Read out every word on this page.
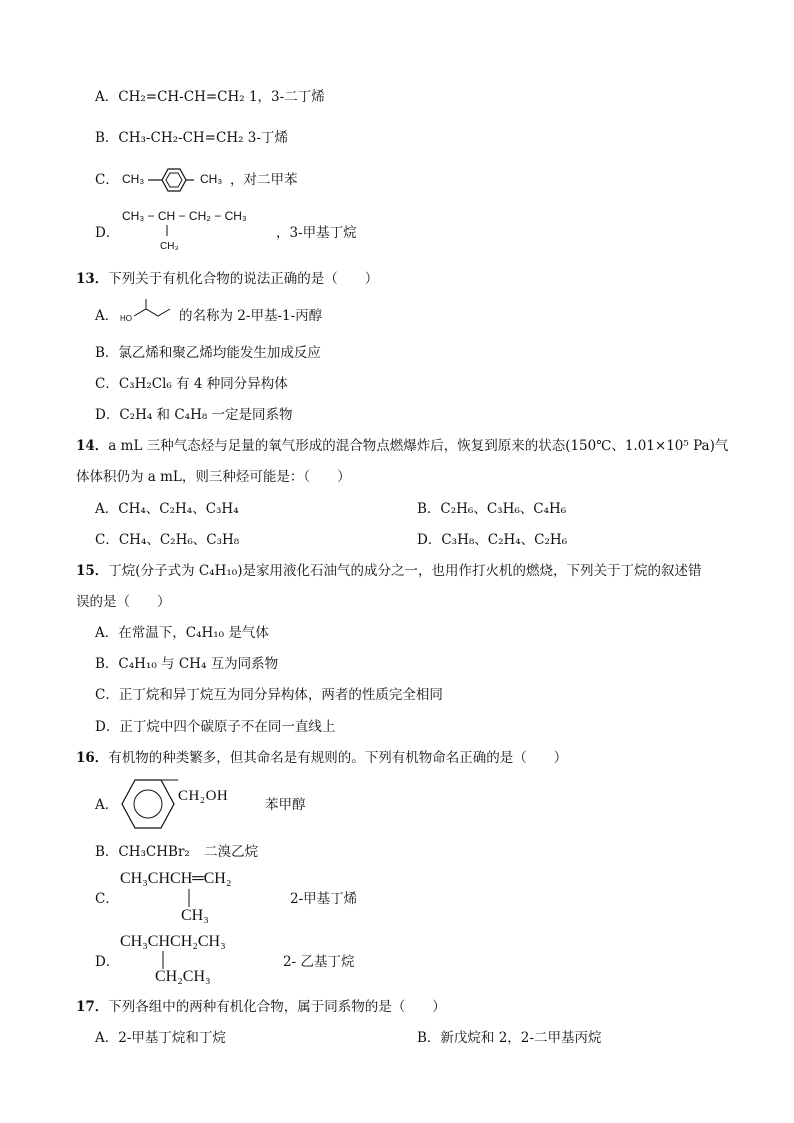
A．CH₂=CH-CH=CH₂ 1，3-二丁烯
B．CH₃-CH₂-CH=CH₂ 3-丁烯
C． CH₃	CH₃ ，对二甲苯
D．
CH₃ − CH − CH₂ − CH₃
CH₃
，3-甲基丁烷
13．下列关于有机化合物的说法正确的是（　　）
A． HO	的名称为 2-甲基-1-丙醇
B．氯乙烯和聚乙烯均能发生加成反应
C．C₃H₂Cl₆ 有 4 种同分异构体
D．C₂H₄ 和 C₄H₈ 一定是同系物
14．a mL 三种气态烃与足量的氧气形成的混合物点燃爆炸后，恢复到原来的状态(150℃、1.01×10⁵ Pa)气
体体积仍为 a mL，则三种烃可能是：（　　）
A．CH₄、C₂H₄、C₃H₄	B．C₂H₆、C₃H₆、C₄H₆
C．CH₄、C₂H₆、C₃H₈	D．C₃H₈、C₂H₄、C₂H₆
15．丁烷(分子式为 C₄H₁₀)是家用液化石油气的成分之一，也用作打火机的燃烧，下列关于丁烷的叙述错
误的是（　　）
A．在常温下，C₄H₁₀ 是气体
B．C₄H₁₀ 与 CH₄ 互为同系物
C．正丁烷和异丁烷互为同分异构体，两者的性质完全相同
D．正丁烷中四个碳原子不在同一直线上
16．有机物的种类繁多，但其命名是有规则的。下列有机物命名正确的是（　　）
A．
CH₂OH
苯甲醇
B．CH₃CHBr₂ 二溴乙烷
C．
CH₃CHCH═CH₂
CH₃
2-甲基丁烯
D．
CH₃CHCH₂CH₃
CH₂CH₃
2- 乙基丁烷
17．下列各组中的两种有机化合物，属于同系物的是（　　）
A．2-甲基丁烷和丁烷	B．新戊烷和 2，2-二甲基丙烷
